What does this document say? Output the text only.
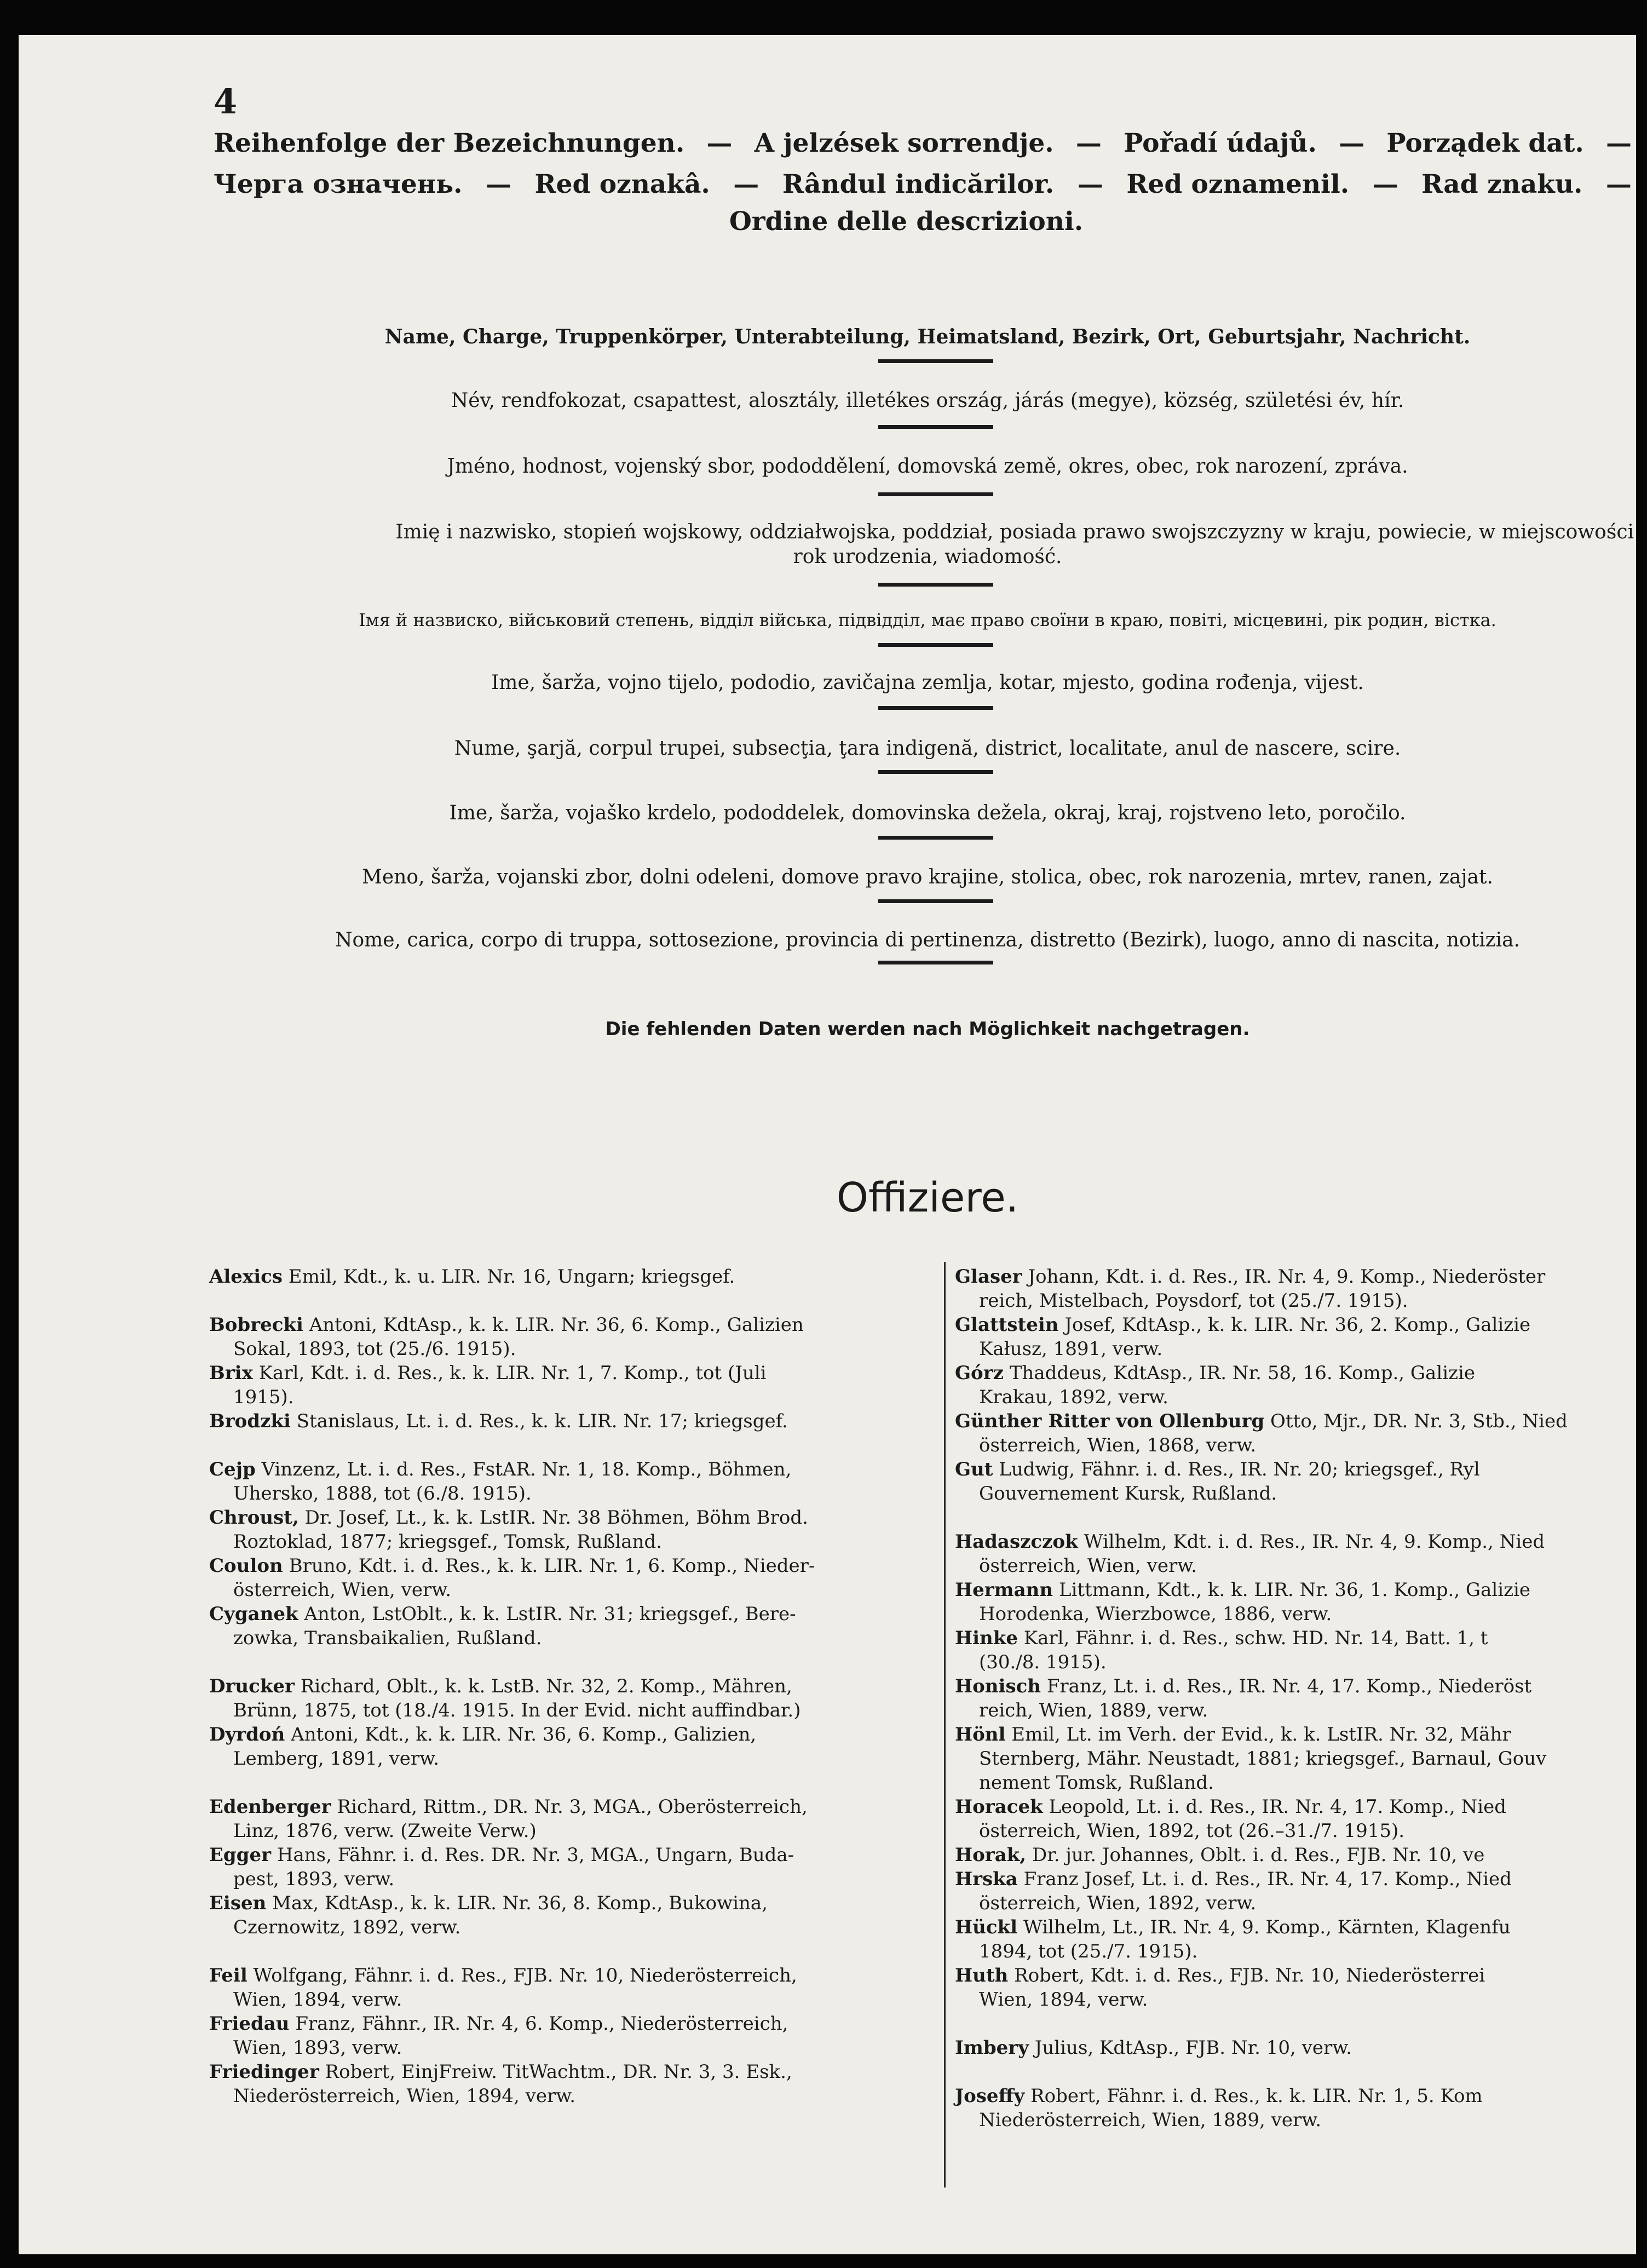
4
Reihenfolge der Bezeichnungen. — A jelzések sorrendje. — Pořadí údajů. — Porządek dat. —
Черга означень. — Red oznakâ. — Rândul indicărilor. — Red oznamenil. — Rad znaku. —
Ordine delle descrizioni.
Name, Charge, Truppenkörper, Unterabteilung, Heimatsland, Bezirk, Ort, Geburtsjahr, Nachricht.
Név, rendfokozat, csapattest, alosztály, illetékes ország, járás (megye), község, születési év, hír.
Jméno, hodnost, vojenský sbor, pododdělení, domovská země, okres, obec, rok narození, zpráva.
Imię i nazwisko, stopień wojskowy, oddziałwojska, poddział, posiada prawo swojszczyzny w kraju, powiecie, w miejscowości
rok urodzenia, wiadomość.
Імя й назвиско, військовий степень, відділ війська, підвідділ, має право своїни в краю, повіті, місцевині, рік родин, вістка.
Ime, šarža, vojno tijelo, pododio, zavičajna zemlja, kotar, mjesto, godina rođenja, vijest.
Nume, şarjă, corpul trupei, subsecţia, ţara indigenă, district, localitate, anul de nascere, scire.
Ime, šarža, vojaško krdelo, pododdelek, domovinska dežela, okraj, kraj, rojstveno leto, poročilo.
Meno, šarža, vojanski zbor, dolni odeleni, domove pravo krajine, stolica, obec, rok narozenia, mrtev, ranen, zajat.
Nome, carica, corpo di truppa, sottosezione, provincia di pertinenza, distretto (Bezirk), luogo, anno di nascita, notizia.
Die fehlenden Daten werden nach Möglichkeit nachgetragen.
Offiziere.
Alexics Emil, Kdt., k. u. LIR. Nr. 16, Ungarn; kriegsgef.
Bobrecki Antoni, KdtAsp., k. k. LIR. Nr. 36, 6. Komp., Galizien
Sokal, 1893, tot (25./6. 1915).
Brix Karl, Kdt. i. d. Res., k. k. LIR. Nr. 1, 7. Komp., tot (Juli
1915).
Brodzki Stanislaus, Lt. i. d. Res., k. k. LIR. Nr. 17; kriegsgef.
Cejp Vinzenz, Lt. i. d. Res., FstAR. Nr. 1, 18. Komp., Böhmen,
Uhersko, 1888, tot (6./8. 1915).
Chroust, Dr. Josef, Lt., k. k. LstIR. Nr. 38 Böhmen, Böhm Brod.
Roztoklad, 1877; kriegsgef., Tomsk, Rußland.
Coulon Bruno, Kdt. i. d. Res., k. k. LIR. Nr. 1, 6. Komp., Nieder-
österreich, Wien, verw.
Cyganek Anton, LstOblt., k. k. LstIR. Nr. 31; kriegsgef., Bere-
zowka, Transbaikalien, Rußland.
Drucker Richard, Oblt., k. k. LstB. Nr. 32, 2. Komp., Mähren,
Brünn, 1875, tot (18./4. 1915. In der Evid. nicht auffindbar.)
Dyrdoń Antoni, Kdt., k. k. LIR. Nr. 36, 6. Komp., Galizien,
Lemberg, 1891, verw.
Edenberger Richard, Rittm., DR. Nr. 3, MGA., Oberösterreich,
Linz, 1876, verw. (Zweite Verw.)
Egger Hans, Fähnr. i. d. Res. DR. Nr. 3, MGA., Ungarn, Buda-
pest, 1893, verw.
Eisen Max, KdtAsp., k. k. LIR. Nr. 36, 8. Komp., Bukowina,
Czernowitz, 1892, verw.
Feil Wolfgang, Fähnr. i. d. Res., FJB. Nr. 10, Niederösterreich,
Wien, 1894, verw.
Friedau Franz, Fähnr., IR. Nr. 4, 6. Komp., Niederösterreich,
Wien, 1893, verw.
Friedinger Robert, EinjFreiw. TitWachtm., DR. Nr. 3, 3. Esk.,
Niederösterreich, Wien, 1894, verw.
Glaser Johann, Kdt. i. d. Res., IR. Nr. 4, 9. Komp., Niederöster
reich, Mistelbach, Poysdorf, tot (25./7. 1915).
Glattstein Josef, KdtAsp., k. k. LIR. Nr. 36, 2. Komp., Galizie
Kałusz, 1891, verw.
Górz Thaddeus, KdtAsp., IR. Nr. 58, 16. Komp., Galizie
Krakau, 1892, verw.
Günther Ritter von Ollenburg Otto, Mjr., DR. Nr. 3, Stb., Nied
österreich, Wien, 1868, verw.
Gut Ludwig, Fähnr. i. d. Res., IR. Nr. 20; kriegsgef., Ryl
Gouvernement Kursk, Rußland.
Hadaszczok Wilhelm, Kdt. i. d. Res., IR. Nr. 4, 9. Komp., Nied
österreich, Wien, verw.
Hermann Littmann, Kdt., k. k. LIR. Nr. 36, 1. Komp., Galizie
Horodenka, Wierzbowce, 1886, verw.
Hinke Karl, Fähnr. i. d. Res., schw. HD. Nr. 14, Batt. 1, t
(30./8. 1915).
Honisch Franz, Lt. i. d. Res., IR. Nr. 4, 17. Komp., Niederöst
reich, Wien, 1889, verw.
Hönl Emil, Lt. im Verh. der Evid., k. k. LstIR. Nr. 32, Mähr
Sternberg, Mähr. Neustadt, 1881; kriegsgef., Barnaul, Gouv
nement Tomsk, Rußland.
Horacek Leopold, Lt. i. d. Res., IR. Nr. 4, 17. Komp., Nied
österreich, Wien, 1892, tot (26.–31./7. 1915).
Horak, Dr. jur. Johannes, Oblt. i. d. Res., FJB. Nr. 10, ve
Hrska Franz Josef, Lt. i. d. Res., IR. Nr. 4, 17. Komp., Nied
österreich, Wien, 1892, verw.
Hückl Wilhelm, Lt., IR. Nr. 4, 9. Komp., Kärnten, Klagenfu
1894, tot (25./7. 1915).
Huth Robert, Kdt. i. d. Res., FJB. Nr. 10, Niederösterrei
Wien, 1894, verw.
Imbery Julius, KdtAsp., FJB. Nr. 10, verw.
Joseffy Robert, Fähnr. i. d. Res., k. k. LIR. Nr. 1, 5. Kom
Niederösterreich, Wien, 1889, verw.
